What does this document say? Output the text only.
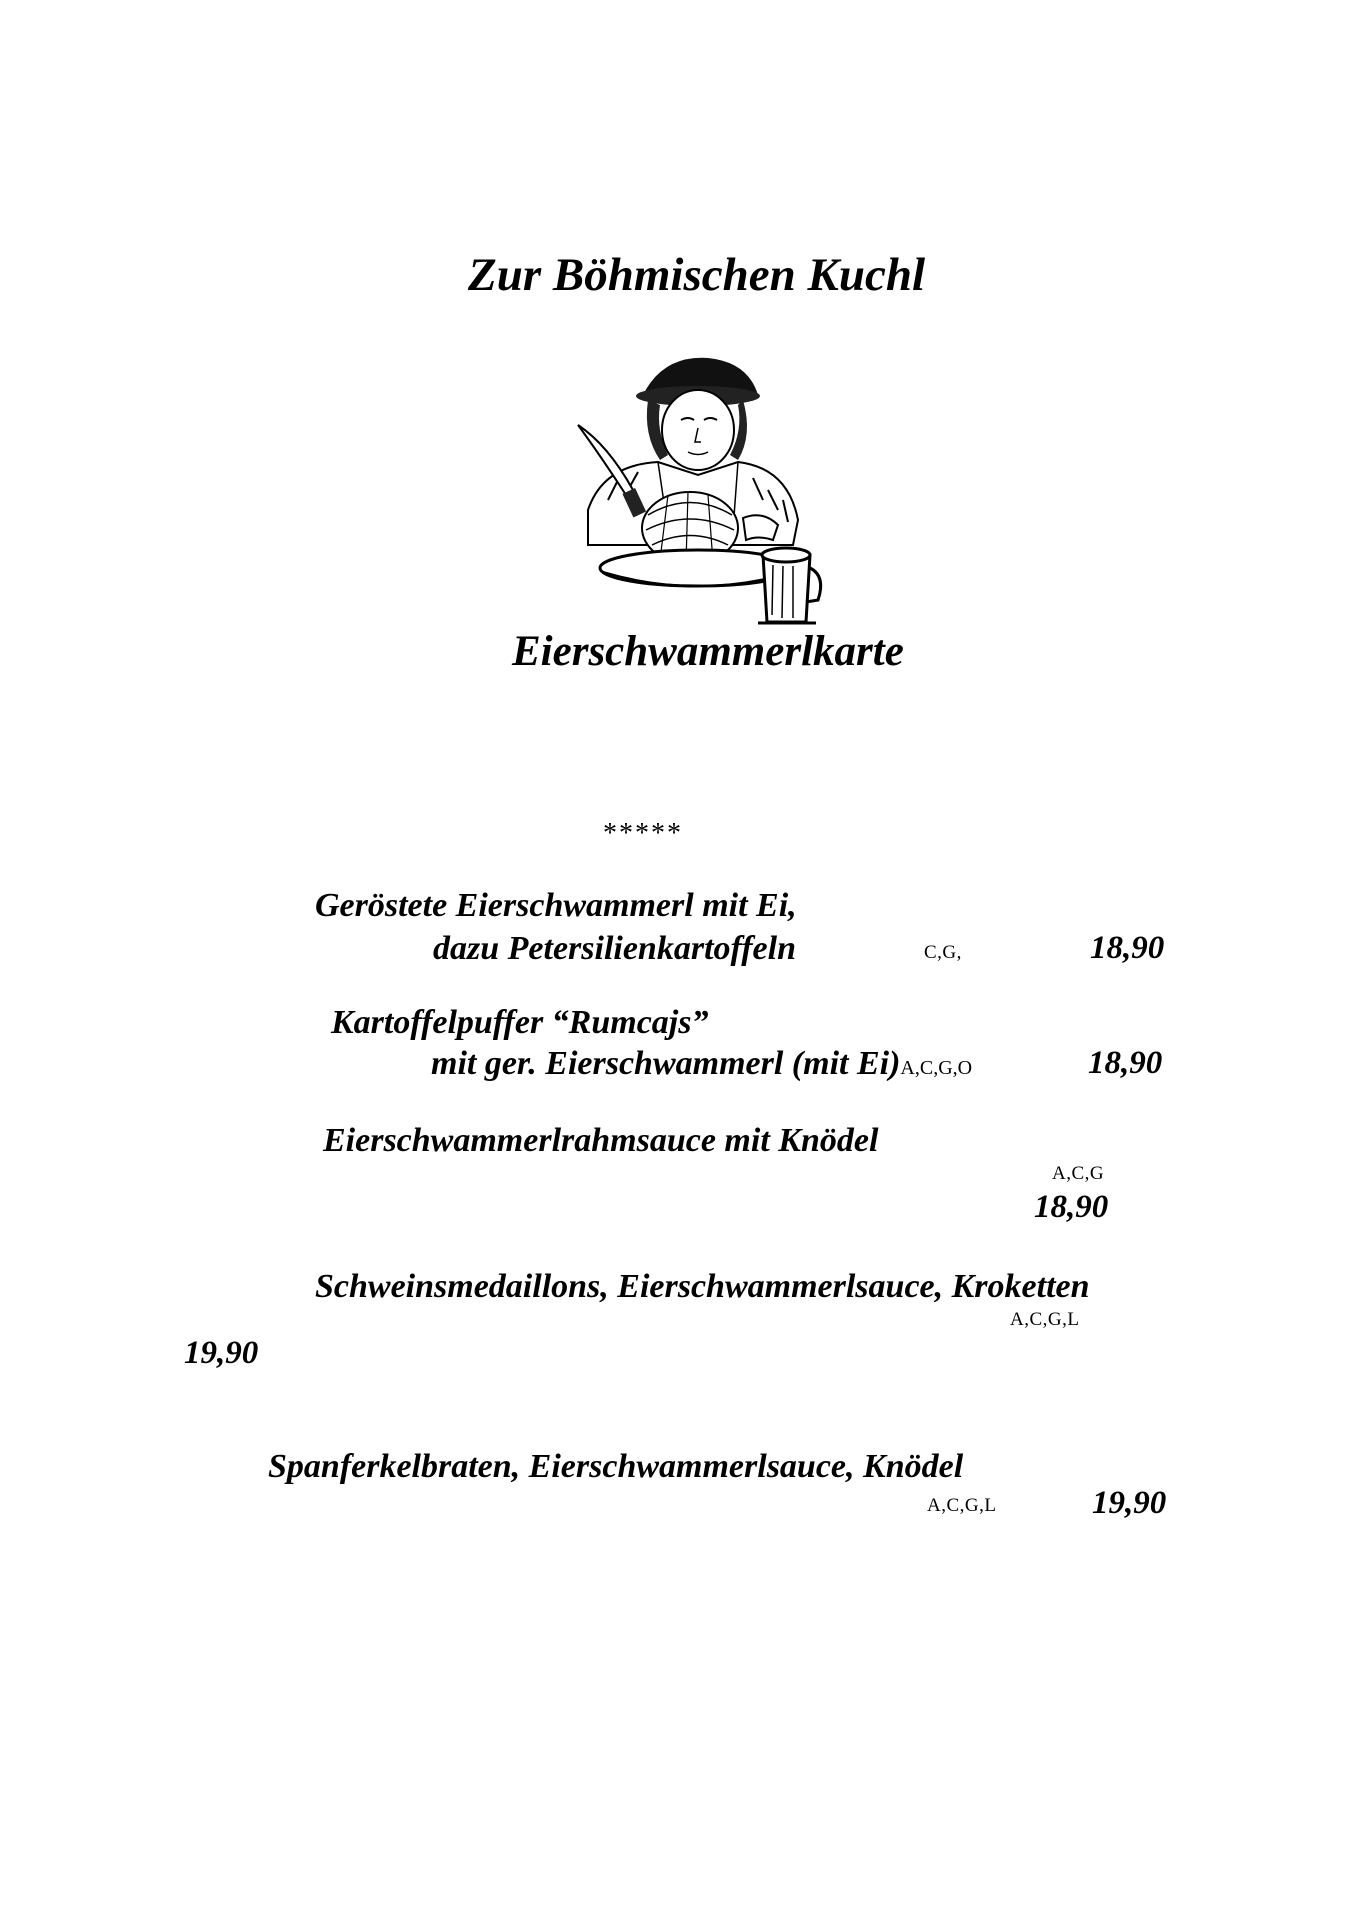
Zur Böhmischen Kuchl
Eierschwammerlkarte
*****
Geröstete Eierschwammerl mit Ei,
dazu Petersilienkartoffeln	C,G,	18,90
Kartoffelpuffer “Rumcajs”
mit ger. Eierschwammerl (mit Ei)A,C,G,O	18,90
Eierschwammerlrahmsauce mit Knödel
A,C,G
18,90
Schweinsmedaillons, Eierschwammerlsauce, Kroketten
A,C,G,L
19,90
Spanferkelbraten, Eierschwammerlsauce, Knödel
A,C,G,L	19,90
